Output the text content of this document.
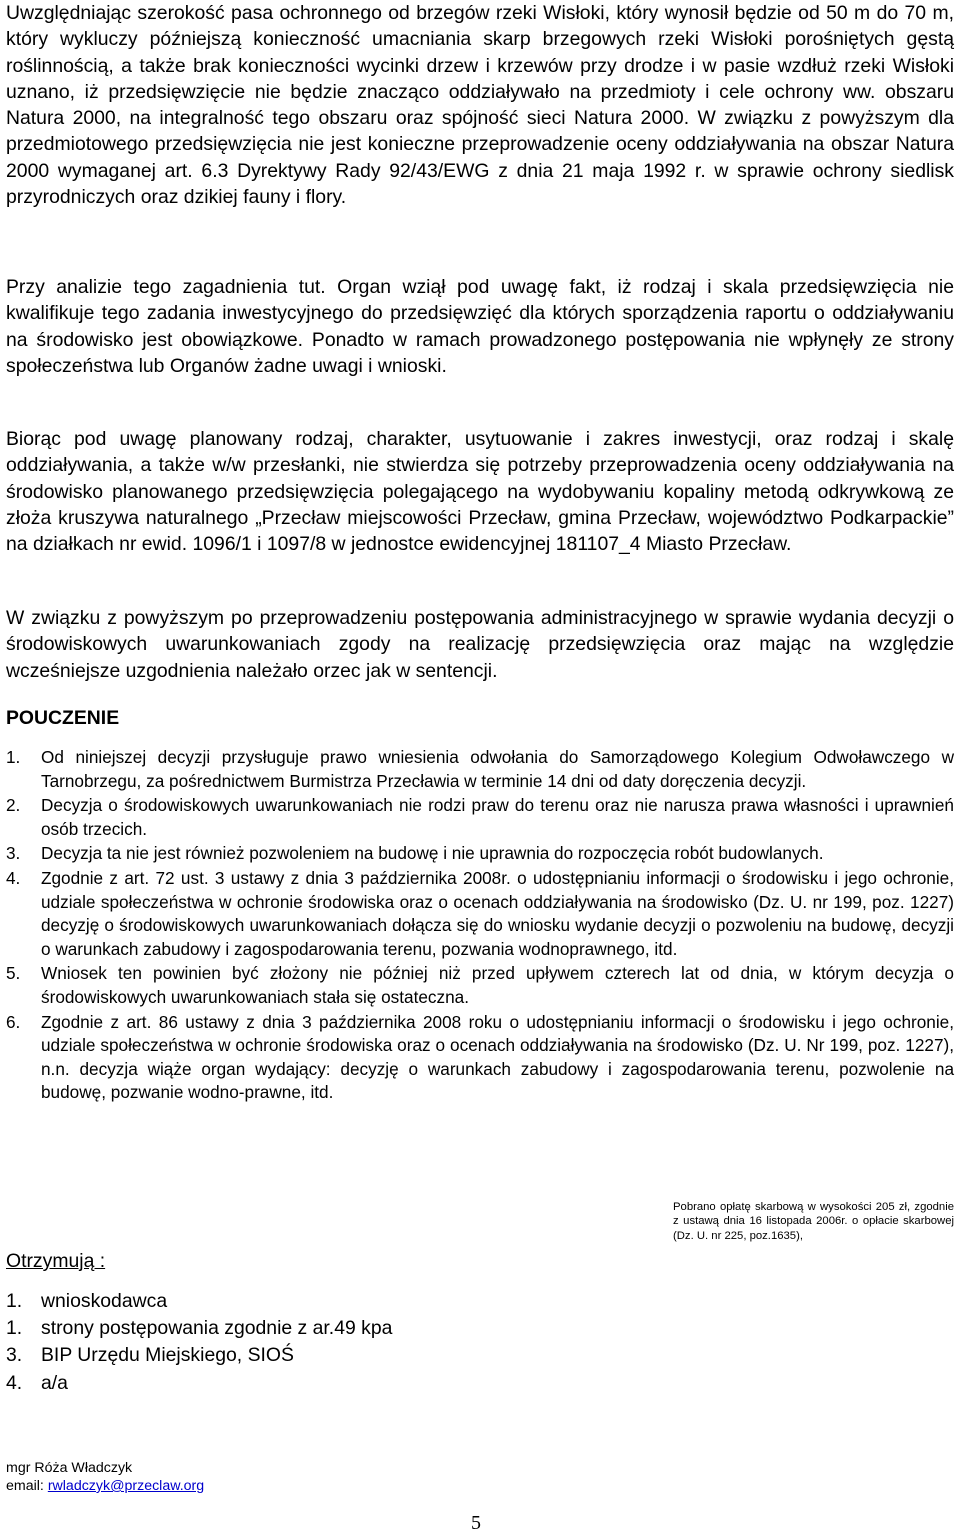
Uwzględniając szerokość pasa ochronnego od brzegów rzeki Wisłoki, który wynosił będzie od 50 m do 70 m, który wykluczy późniejszą konieczność umacniania skarp brzegowych rzeki Wisłoki porośniętych gęstą roślinnością, a także brak konieczności wycinki drzew i krzewów przy drodze i w pasie wzdłuż rzeki Wisłoki uznano, iż przedsięwzięcie nie będzie znacząco oddziaływało na przedmioty i cele ochrony ww. obszaru Natura 2000, na integralność tego obszaru oraz spójność sieci Natura 2000. W związku z powyższym dla przedmiotowego przedsięwzięcia nie jest konieczne przeprowadzenie oceny oddziaływania na obszar Natura 2000 wymaganej art. 6.3 Dyrektywy Rady 92/43/EWG z dnia 21 maja 1992 r. w sprawie ochrony siedlisk przyrodniczych oraz dzikiej fauny i flory.

Przy analizie tego zagadnienia tut. Organ wziął pod uwagę fakt, iż rodzaj i skala przedsięwzięcia nie kwalifikuje tego zadania inwestycyjnego do przedsięwzięć dla których sporządzenia raportu o oddziaływaniu na środowisko jest obowiązkowe. Ponadto w ramach prowadzonego postępowania nie wpłynęły ze strony społeczeństwa lub Organów żadne uwagi i wnioski.

Biorąc pod uwagę planowany rodzaj, charakter, usytuowanie i zakres inwestycji, oraz rodzaj i skalę oddziaływania, a także w/w przesłanki, nie stwierdza się potrzeby przeprowadzenia oceny oddziaływania na środowisko planowanego przedsięwzięcia polegającego na wydobywaniu kopaliny metodą odkrywkową ze złoża kruszywa naturalnego „Przecław miejscowości Przecław, gmina Przecław, województwo Podkarpackie” na działkach nr ewid. 1096/1 i 1097/8 w jednostce ewidencyjnej 181107_4 Miasto Przecław.

W związku z powyższym po przeprowadzeniu postępowania administracyjnego w sprawie wydania decyzji o środowiskowych uwarunkowaniach zgody na realizację przedsięwzięcia oraz mając na względzie wcześniejsze uzgodnienia należało orzec jak w sentencji.

POUCZENIE

1. Od niniejszej decyzji przysługuje prawo wniesienia odwołania do Samorządowego Kolegium Odwoławczego w Tarnobrzegu, za pośrednictwem Burmistrza Przecławia w terminie 14 dni od daty doręczenia decyzji.
2. Decyzja o środowiskowych uwarunkowaniach nie rodzi praw do terenu oraz nie narusza prawa własności i uprawnień osób trzecich.
3. Decyzja ta nie jest również pozwoleniem na budowę i nie uprawnia do rozpoczęcia robót budowlanych.
4. Zgodnie z art. 72 ust. 3 ustawy z dnia 3 października 2008r. o udostępnianiu informacji o środowisku i jego ochronie, udziale społeczeństwa w ochronie środowiska oraz o ocenach oddziaływania na środowisko (Dz. U. nr 199, poz. 1227) decyzję o środowiskowych uwarunkowaniach dołącza się do wniosku wydanie decyzji o pozwoleniu na budowę, decyzji o warunkach zabudowy i zagospodarowania terenu, pozwania wodnoprawnego, itd.
5. Wniosek ten powinien być złożony nie później niż przed upływem czterech lat od dnia, w którym decyzja o środowiskowych uwarunkowaniach stała się ostateczna.
6. Zgodnie z art. 86 ustawy z dnia 3 października 2008 roku o udostępnianiu informacji o środowisku i jego ochronie, udziale społeczeństwa w ochronie środowiska oraz o ocenach oddziaływania na środowisko (Dz. U. Nr 199, poz. 1227), n.n. decyzja wiąże organ wydający: decyzję o warunkach zabudowy i zagospodarowania terenu, pozwolenie na budowę, pozwanie wodno-prawne, itd.

Pobrano opłatę skarbową w wysokości 205 zł, zgodnie z ustawą dnia 16 listopada 2006r. o opłacie skarbowej (Dz. U. nr 225, poz.1635),

Otrzymują :

1. wnioskodawca
1. strony postępowania zgodnie z ar.49 kpa
3. BIP Urzędu Miejskiego, SIOŚ
4. a/a
mgr Róża Władczyk
email: rwladczyk@przeclaw.org

5
